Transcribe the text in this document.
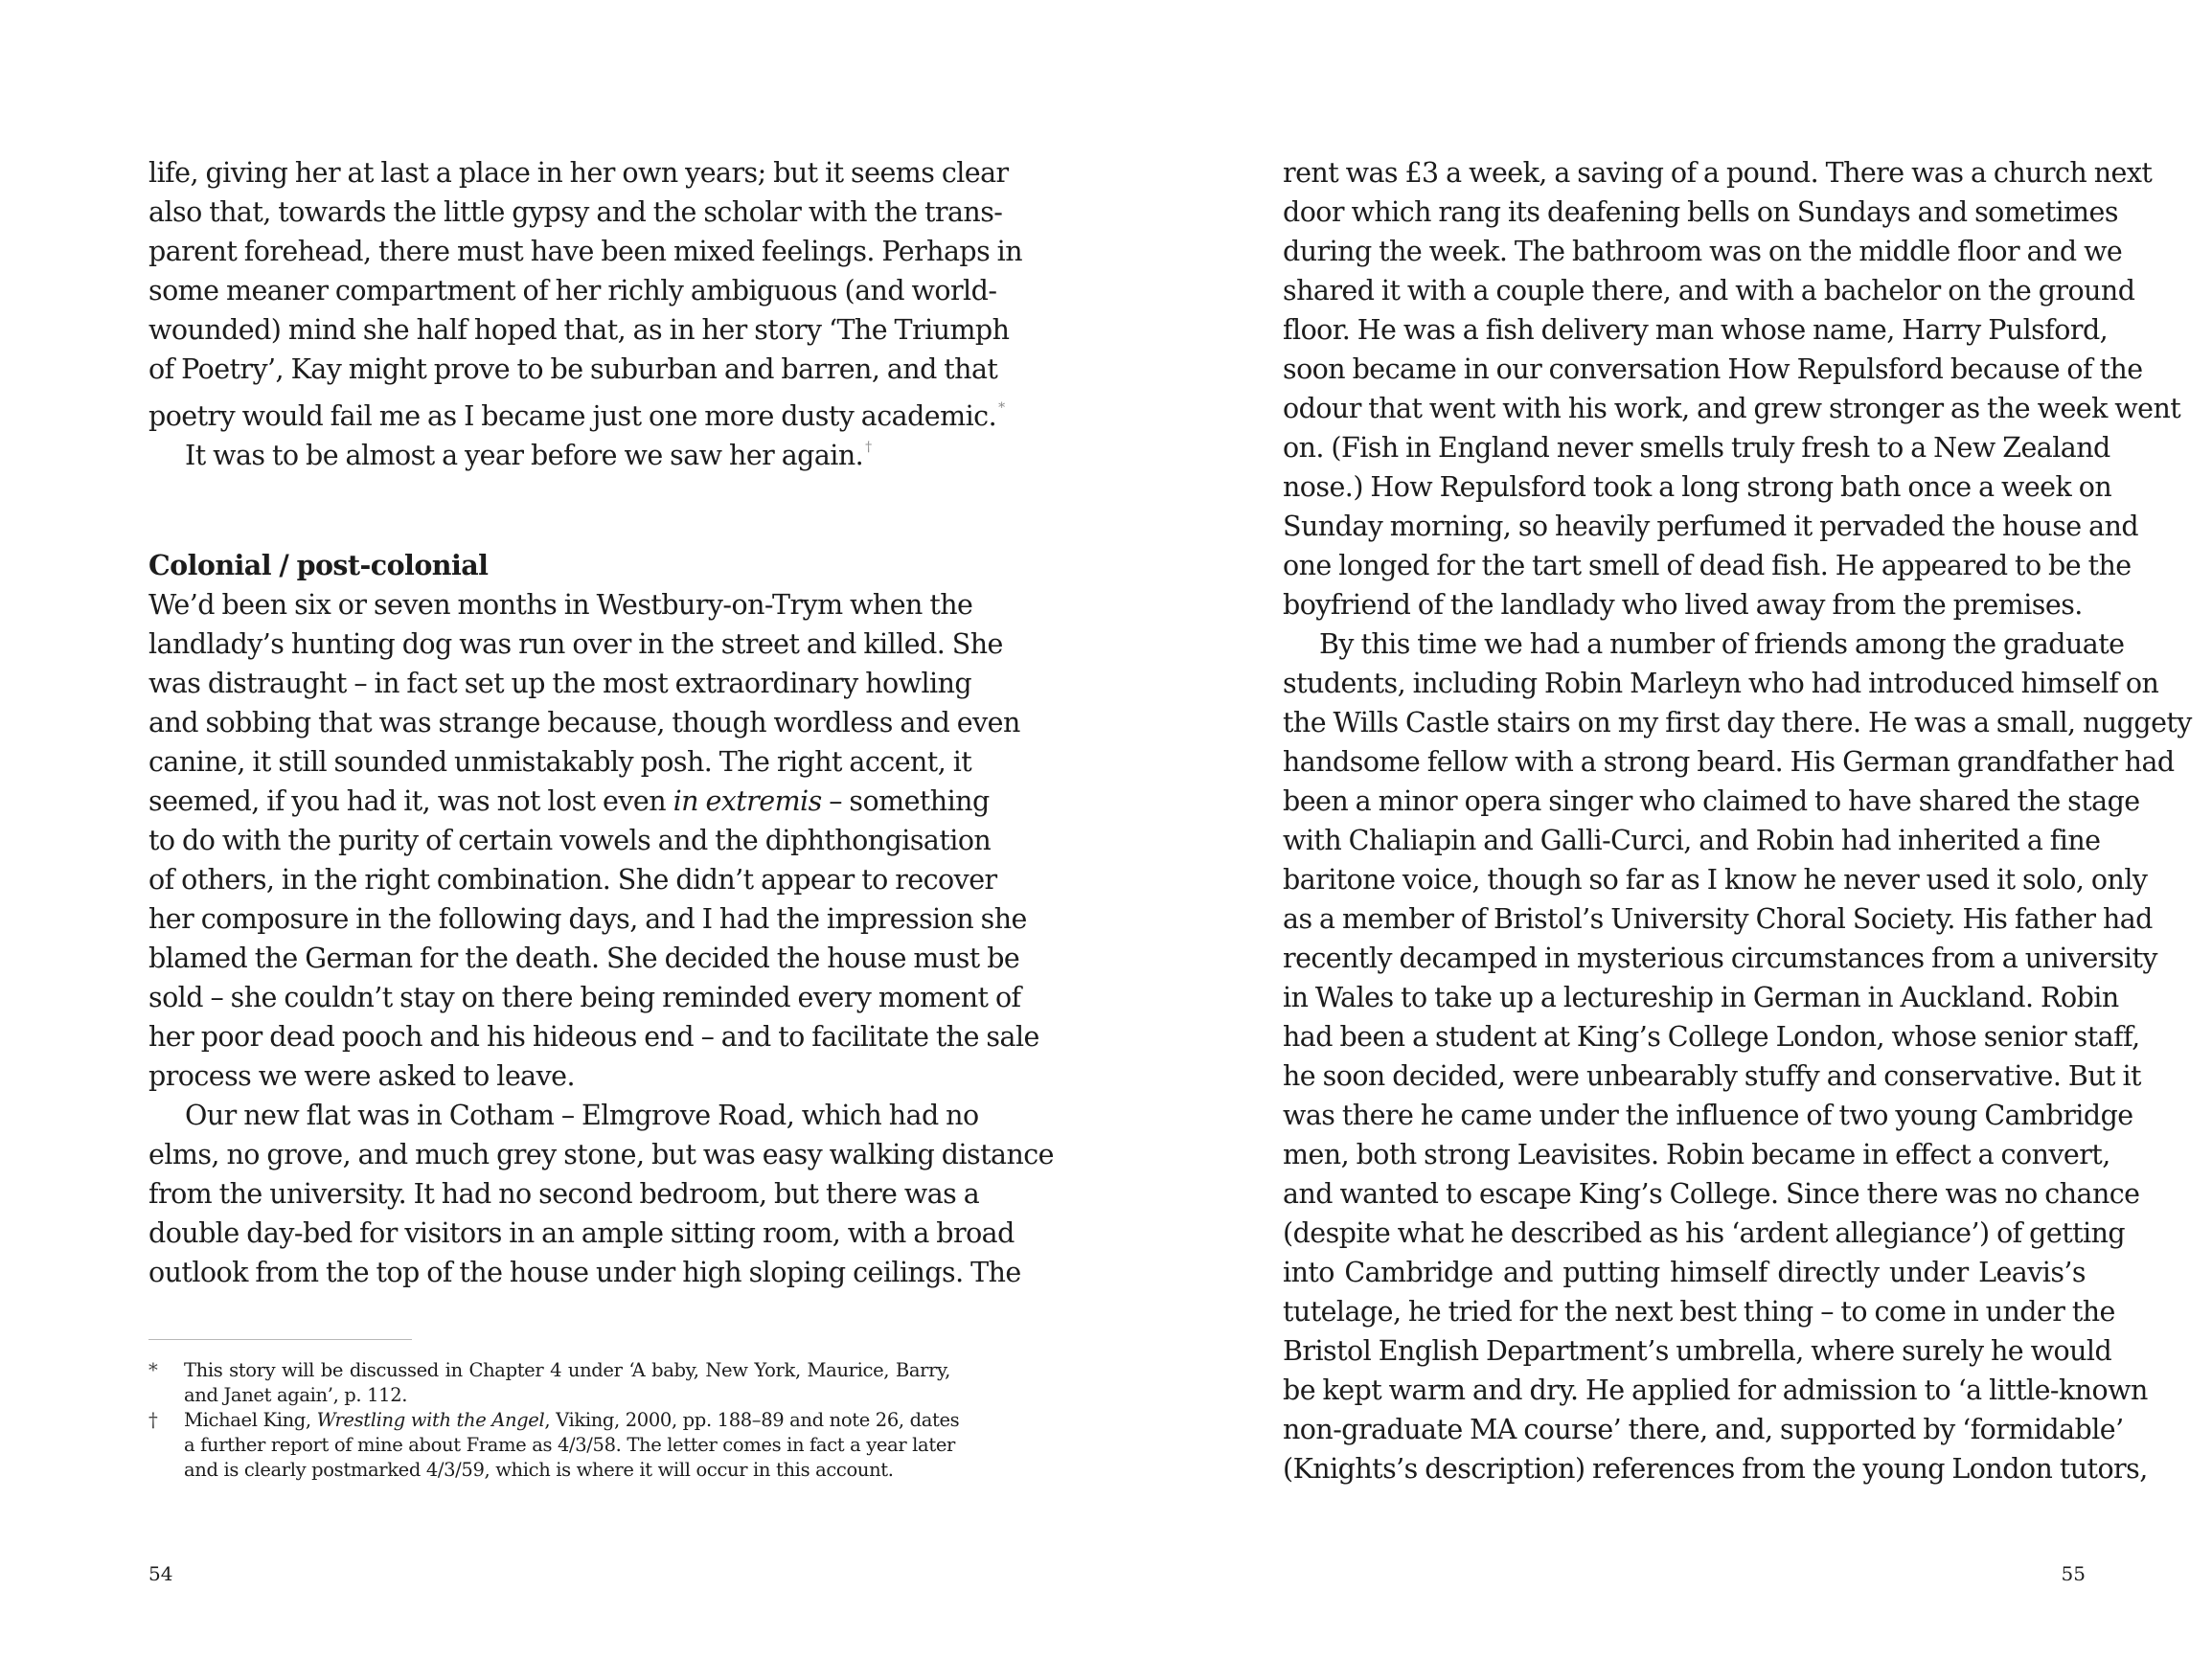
life, giving her at last a place in her own years; but it seems clear
also that, towards the little gypsy and the scholar with the trans-
parent forehead, there must have been mixed feelings. Perhaps in
some meaner compartment of her richly ambiguous (and world-
wounded) mind she half hoped that, as in her story ‘The Triumph
of Poetry’, Kay might prove to be suburban and barren, and that
poetry would fail me as I became just one more dusty academic. *
It was to be almost a year before we saw her again. †
Colonial / post-colonial
We’d been six or seven months in Westbury-on-Trym when the
landlady’s hunting dog was run over in the street and killed. She
was distraught – in fact set up the most extraordinary howling
and sobbing that was strange because, though wordless and even
canine, it still sounded unmistakably posh. The right accent, it
seemed, if you had it, was not lost even in extremis – something
to do with the purity of certain vowels and the diphthongisation
of others, in the right combination. She didn’t appear to recover
her composure in the following days, and I had the impression she
blamed the German for the death. She decided the house must be
sold – she couldn’t stay on there being reminded every moment of
her poor dead pooch and his hideous end – and to facilitate the sale
process we were asked to leave.
Our new flat was in Cotham – Elmgrove Road, which had no
elms, no grove, and much grey stone, but was easy walking distance
from the university. It had no second bedroom, but there was a
double day-bed for visitors in an ample sitting room, with a broad
outlook from the top of the house under high sloping ceilings. The
* This story will be discussed in Chapter 4 under ‘A baby, New York, Maurice, Barry,
and Janet again’, p. 112.
† Michael King, Wrestling with the Angel, Viking, 2000, pp. 188–89 and note 26, dates
a further report of mine about Frame as 4/3/58. The letter comes in fact a year later
and is clearly postmarked 4/3/59, which is where it will occur in this account.
54
rent was £3 a week, a saving of a pound. There was a church next
door which rang its deafening bells on Sundays and sometimes
during the week. The bathroom was on the middle floor and we
shared it with a couple there, and with a bachelor on the ground
floor. He was a fish delivery man whose name, Harry Pulsford,
soon became in our conversation How Repulsford because of the
odour that went with his work, and grew stronger as the week went
on. (Fish in England never smells truly fresh to a New Zealand
nose.) How Repulsford took a long strong bath once a week on
Sunday morning, so heavily perfumed it pervaded the house and
one longed for the tart smell of dead fish. He appeared to be the
boyfriend of the landlady who lived away from the premises.
By this time we had a number of friends among the graduate
students, including Robin Marleyn who had introduced himself on
the Wills Castle stairs on my first day there. He was a small, nuggety
handsome fellow with a strong beard. His German grandfather had
been a minor opera singer who claimed to have shared the stage
with Chaliapin and Galli-Curci, and Robin had inherited a fine
baritone voice, though so far as I know he never used it solo, only
as a member of Bristol’s University Choral Society. His father had
recently decamped in mysterious circumstances from a university
in Wales to take up a lectureship in German in Auckland. Robin
had been a student at King’s College London, whose senior staff,
he soon decided, were unbearably stuffy and conservative. But it
was there he came under the influence of two young Cambridge
men, both strong Leavisites. Robin became in effect a convert,
and wanted to escape King’s College. Since there was no chance
(despite what he described as his ‘ardent allegiance’) of getting
into Cambridge and putting himself directly under Leavis’s
tutelage, he tried for the next best thing – to come in under the
Bristol English Department’s umbrella, where surely he would
be kept warm and dry. He applied for admission to ‘a little-known
non-graduate MA course’ there, and, supported by ‘formidable’
(Knights’s description) references from the young London tutors,
55
